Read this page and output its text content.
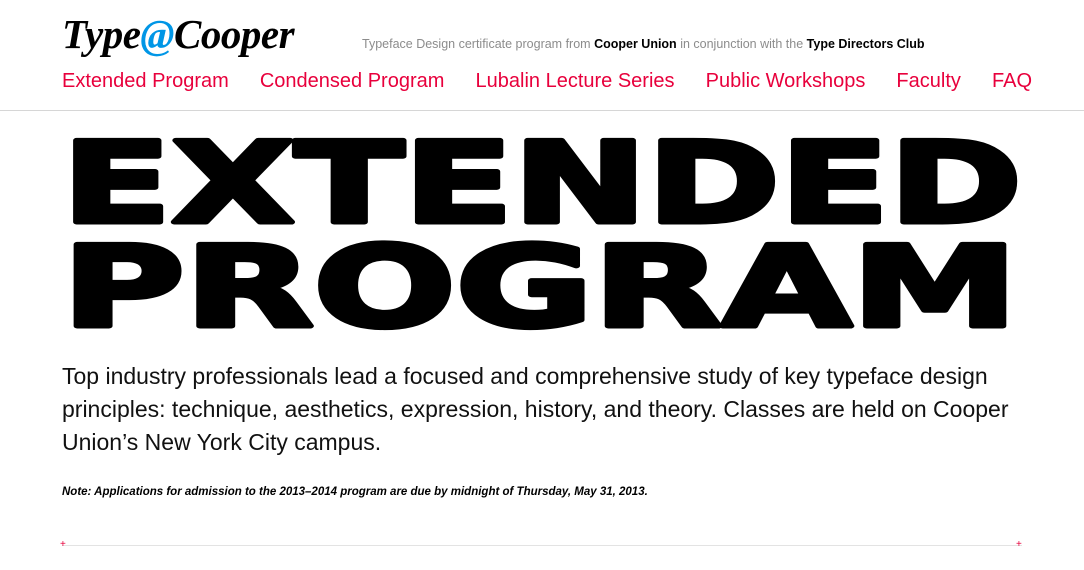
Type@Cooper	Typeface Design certificate program from Cooper Union in conjunction with the Type Directors Club
Extended Program Condensed Program Lubalin Lecture Series Public Workshops Faculty FAQ
EXTENDED
PROGRAM

Top industry professionals lead a focused and comprehensive study of key typeface design principles: technique, aesthetics, expression, history, and theory. Classes are held on Cooper Union’s New York City campus.

Note: Applications for admission to the 2013–2014 program are due by midnight of Thursday, May 31, 2013.

+	+
